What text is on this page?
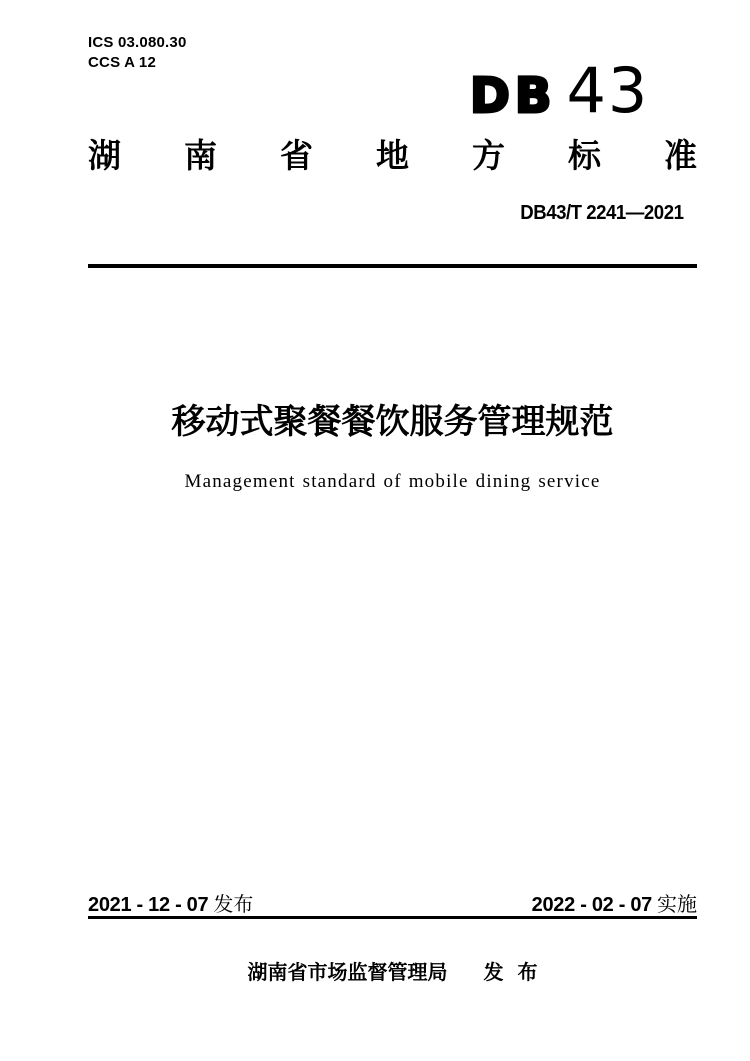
ICS 03.080.30
CCS A 12
DB 43
湖 南 省 地 方 标 准
DB43/T 2241—2021
移动式聚餐餐饮服务管理规范
Management standard of mobile dining service
2021 - 12 - 07 发布	2022 - 02 - 07 实施
湖南省市场监督管理局 发 布
